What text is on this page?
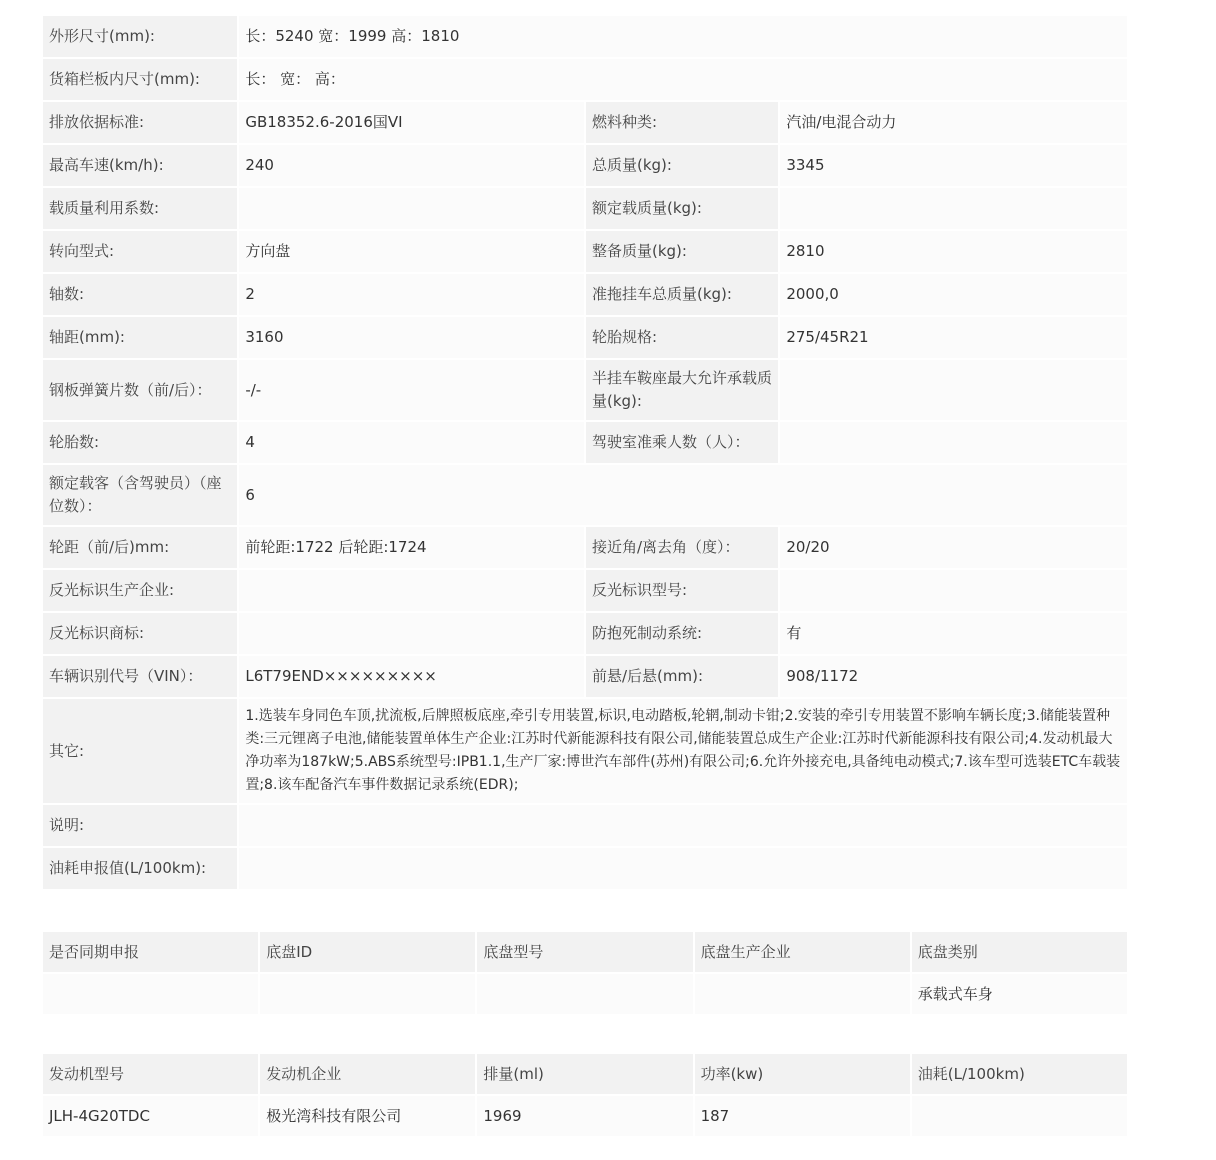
外形尺寸(mm):	长：5240 宽：1999 高：1810		
货箱栏板内尺寸(mm):	长： 宽： 高：		
排放依据标准:	GB18352.6-2016国VI	燃料种类:	汽油/电混合动力
最高车速(km/h):	240	总质量(kg):	3345
载质量利用系数:		额定载质量(kg):	
转向型式:	方向盘	整备质量(kg):	2810
轴数:	2	准拖挂车总质量(kg):	2000,0
轴距(mm):	3160	轮胎规格:	275/45R21
钢板弹簧片数（前/后）：	-/-	半挂车鞍座最大允许承载质量(kg):	
轮胎数:	4	驾驶室准乘人数（人）：	
额定载客（含驾驶员）（座位数）：	6		
轮距（前/后)mm:	前轮距:1722 后轮距:1724	接近角/离去角（度）：	20/20
反光标识生产企业:		反光标识型号:	
反光标识商标:		防抱死制动系统:	有
车辆识别代号（VIN）：	L6T79END×××××××××	前悬/后悬(mm):	908/1172
其它:	1.选装车身同色车顶,扰流板,后牌照板底座,牵引专用装置,标识,电动踏板,轮辋,制动卡钳;2.安装的牵引专用装置不影响车辆长度;3.储能装置种类:三元锂离子电池,储能装置单体生产企业:江苏时代新能源科技有限公司,储能装置总成生产企业:江苏时代新能源科技有限公司;4.发动机最大净功率为187kW;5.ABS系统型号:IPB1.1,生产厂家:博世汽车部件(苏州)有限公司;6.允许外接充电,具备纯电动模式;7.该车型可选装ETC车载装置;8.该车配备汽车事件数据记录系统(EDR);		
说明:			
油耗申报值(L/100km):			
是否同期申报	底盘ID	底盘型号	底盘生产企业	底盘类别
				承载式车身
发动机型号	发动机企业	排量(ml)	功率(kw)	油耗(L/100km)
JLH-4G20TDC	极光湾科技有限公司	1969	187	
